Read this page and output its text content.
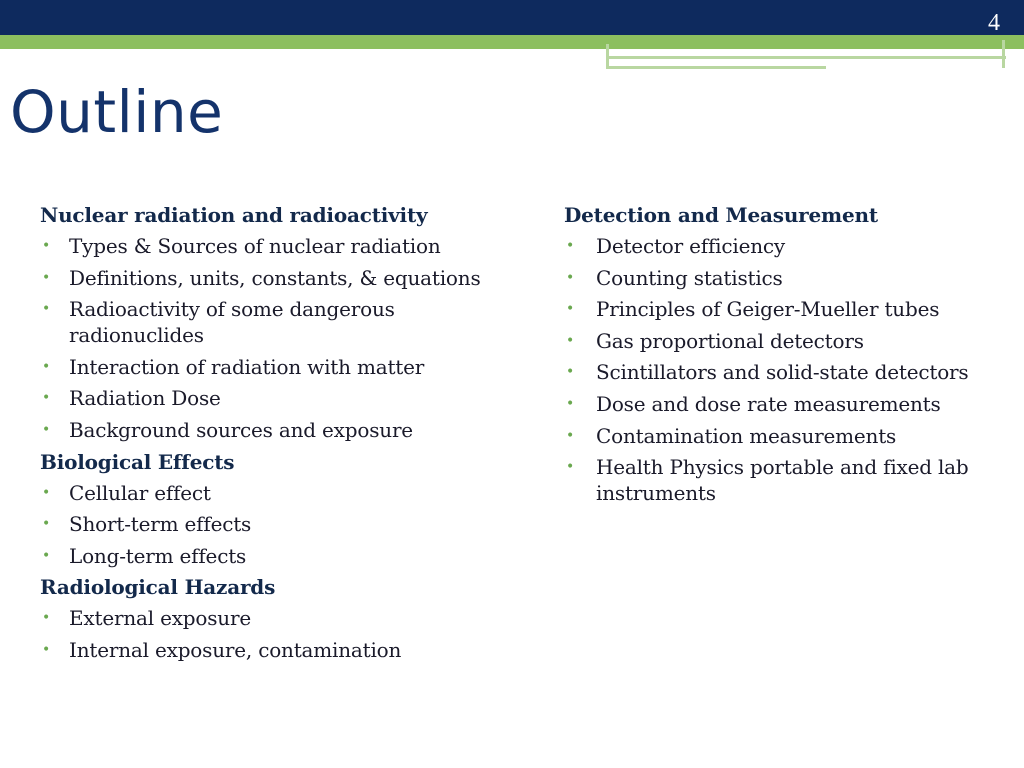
4
Outline

Nuclear radiation and radioactivity

• Types & Sources of nuclear radiation
• Definitions, units, constants, & equations
• Radioactivity of some dangerous radionuclides
• Interaction of radiation with matter
• Radiation Dose
• Background sources and exposure

Biological Effects

• Cellular effect
• Short-term effects
• Long-term effects

Radiological Hazards

• External exposure
• Internal exposure, contamination

Detection and Measurement

• Detector efficiency
• Counting statistics
• Principles of Geiger-Mueller tubes
• Gas proportional detectors
• Scintillators and solid-state detectors
• Dose and dose rate measurements
• Contamination measurements
• Health Physics portable and fixed lab instruments
